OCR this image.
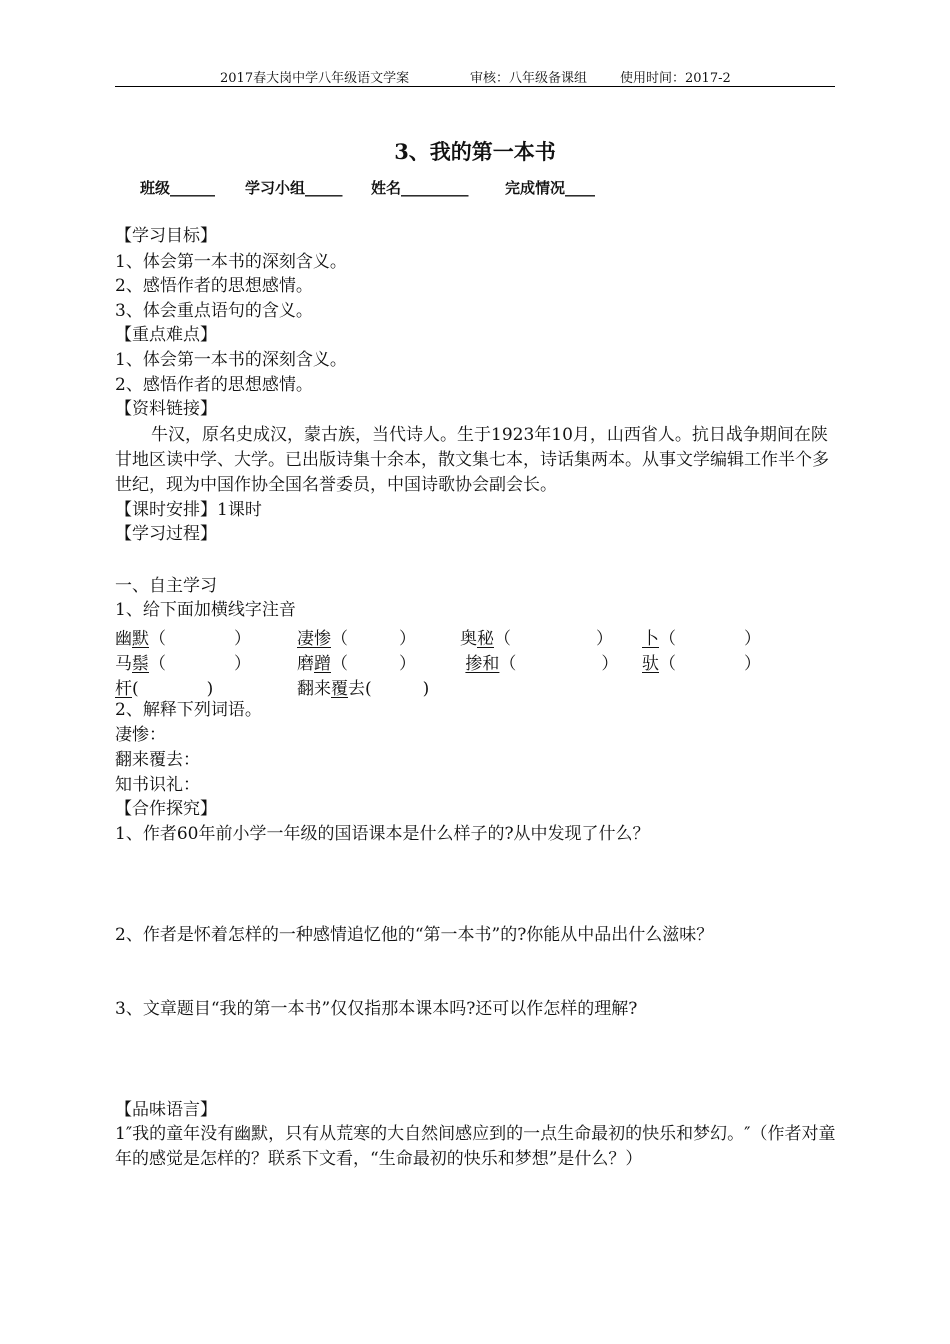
2017春大岗中学八年级语文学案

	审核：八年级备课组

	使用时间：2017-2

3、我的第一本书

班级______

学习小组_____

姓名_________

完成情况____

【学习目标】
1、体会第一本书的深刻含义。
2、感悟作者的思想感情。
3、体会重点语句的含义。
【重点难点】
1、体会第一本书的深刻含义。
2、感悟作者的思想感情。
【资料链接】
牛汉，原名史成汉，蒙古族，当代诗人。生于1923年10月，山西省人。抗日战争期间在陕甘地区读中学、大学。已出版诗集十余本，散文集七本，诗话集两本。从事文学编辑工作半个多世纪，现为中国作协全国名誉委员，中国诗歌协会副会长。
【课时安排】1课时
【学习过程】
一、自主学习
1、给下面加横线字注音
幽默（　　　　）	凄惨（　　　）	奥秘（　　　　　） 卜（　　　　）
马鬃（　　　　）	磨蹭（　　　）	掺和（　　　　　） 驮（　　　　）
杆(　　　　)	翻来覆去(　　　)
2、解释下列词语。
凄惨：
翻来覆去：
知书识礼：
【合作探究】
1、作者60年前小学一年级的国语课本是什么样子的?从中发现了什么？
2、作者是怀着怎样的一种感情追忆他的“第一本书”的?你能从中品出什么滋味？
3、文章题目“我的第一本书”仅仅指那本课本吗?还可以作怎样的理解?
【品味语言】
1″我的童年没有幽默，只有从荒寒的大自然间感应到的一点生命最初的快乐和梦幻。″（作者对童年的感觉是怎样的？联系下文看，“生命最初的快乐和梦想”是什么？）
